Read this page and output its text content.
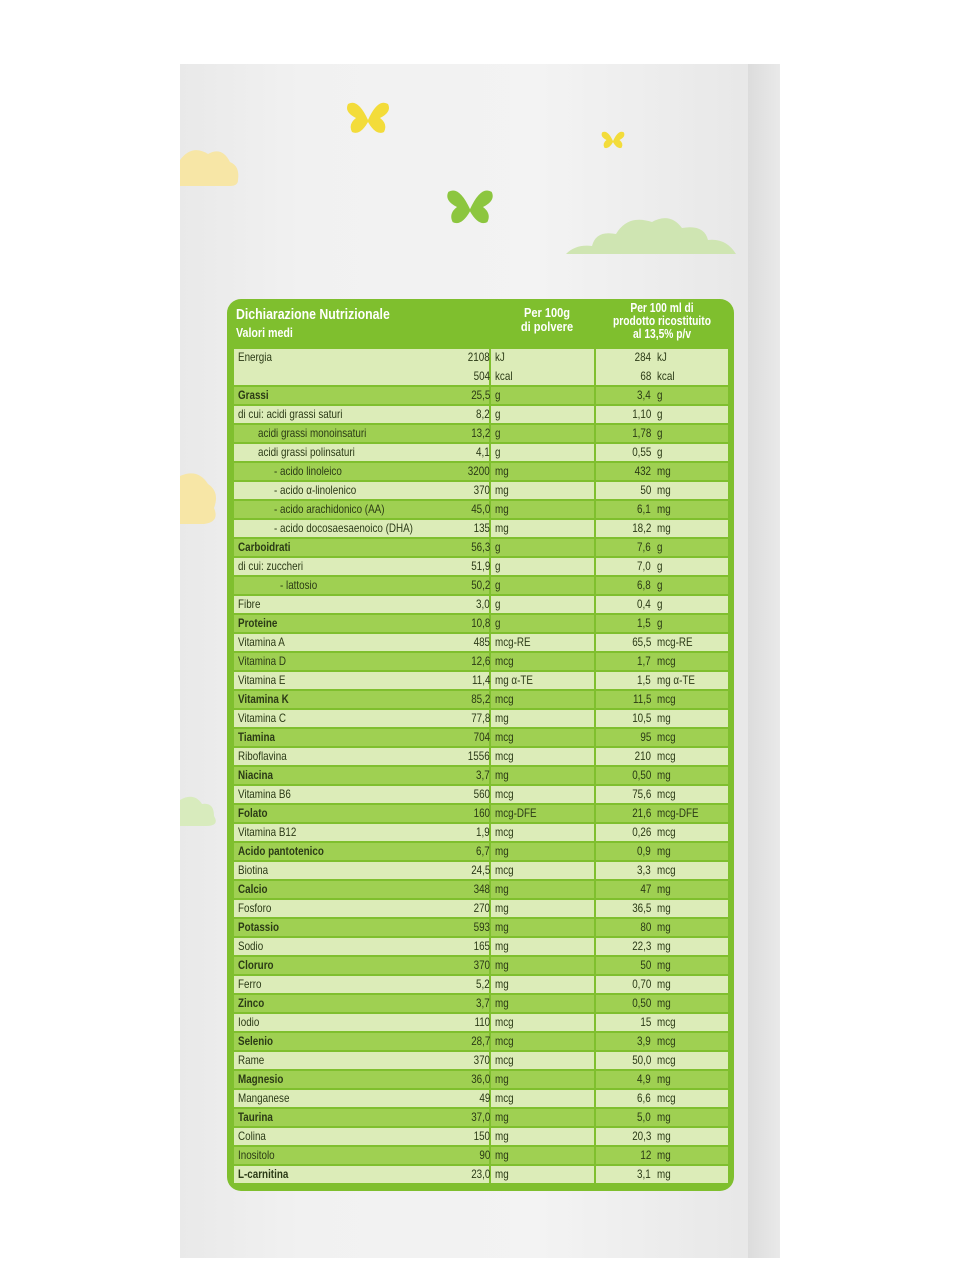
Dichiarazione Nutrizionale
Valori medi
Per 100g
di polvere
Per 100 ml di
prodotto ricostituito
al 13,5% p/v
Energia	2108 kJ	284 kJ
504 kcal	68 kcal
Grassi	25,5 g	3,4 g
di cui: acidi grassi saturi	8,2 g	1,10 g
acidi grassi monoinsaturi	13,2 g	1,78 g
acidi grassi polinsaturi	4,1 g	0,55 g
- acido linoleico	3200 mg	432 mg
- acido α-linolenico	370 mg	50 mg
- acido arachidonico (AA)	45,0 mg	6,1 mg
- acido docosaesaenoico (DHA)	135 mg	18,2 mg
Carboidrati	56,3 g	7,6 g
di cui: zuccheri	51,9 g	7,0 g
- lattosio	50,2 g	6,8 g
Fibre	3,0 g	0,4 g
Proteine	10,8 g	1,5 g
Vitamina A	485 mcg-RE	65,5 mcg-RE
Vitamina D	12,6 mcg	1,7 mcg
Vitamina E	11,4 mg α-TE	1,5 mg α-TE
Vitamina K	85,2 mcg	11,5 mcg
Vitamina C	77,8 mg	10,5 mg
Tiamina	704 mcg	95 mcg
Riboflavina	1556 mcg	210 mcg
Niacina	3,7 mg	0,50 mg
Vitamina B6	560 mcg	75,6 mcg
Folato	160 mcg-DFE	21,6 mcg-DFE
Vitamina B12	1,9 mcg	0,26 mcg
Acido pantotenico	6,7 mg	0,9 mg
Biotina	24,5 mcg	3,3 mcg
Calcio	348 mg	47 mg
Fosforo	270 mg	36,5 mg
Potassio	593 mg	80 mg
Sodio	165 mg	22,3 mg
Cloruro	370 mg	50 mg
Ferro	5,2 mg	0,70 mg
Zinco	3,7 mg	0,50 mg
Iodio	110 mcg	15 mcg
Selenio	28,7 mcg	3,9 mcg
Rame	370 mcg	50,0 mcg
Magnesio	36,0 mg	4,9 mg
Manganese	49 mcg	6,6 mcg
Taurina	37,0 mg	5,0 mg
Colina	150 mg	20,3 mg
Inositolo	90 mg	12 mg
L-carnitina	23,0 mg	3,1 mg
